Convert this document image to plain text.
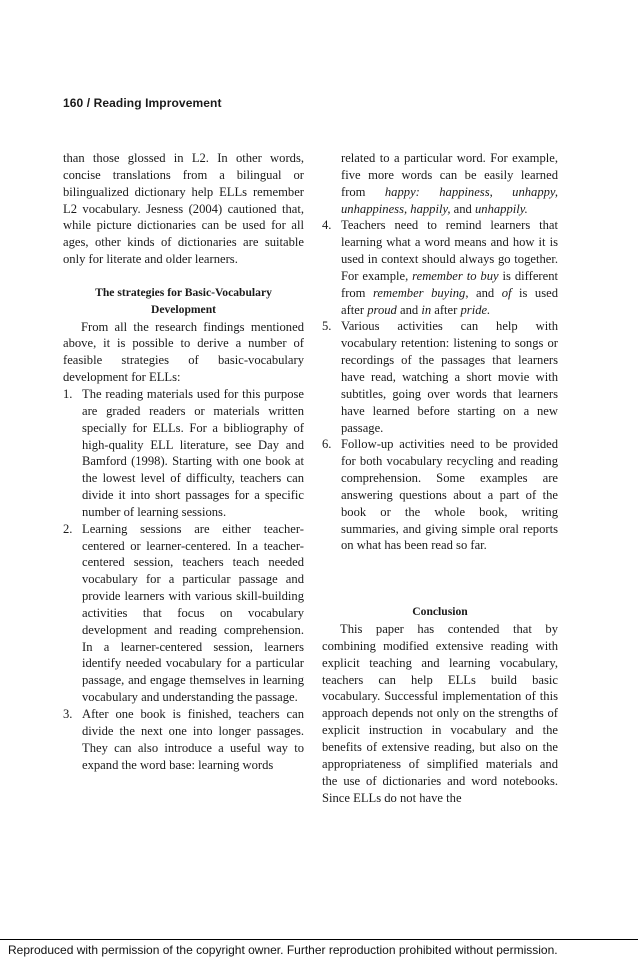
160 / Reading Improvement

than those glossed in L2. In other words, concise translations from a bilingual or bilingualized dictionary help ELLs remember L2 vocabulary. Jesness (2004) cautioned that, while picture dictionaries can be used for all ages, other kinds of dictionaries are suitable only for literate and older learners.

The strategies for Basic-Vocabulary
Development

From all the research findings mentioned above, it is possible to derive a number of feasible strategies of basic-vocabulary development for ELLs:

1. The reading materials used for this purpose are graded readers or materials written specially for ELLs. For a bibliography of high-quality ELL literature, see Day and Bamford (1998). Starting with one book at the lowest level of difficulty, teachers can divide it into short passages for a specific number of learning sessions.
2. Learning sessions are either teacher-centered or learner-centered. In a teacher-centered session, teachers teach needed vocabulary for a particular passage and provide learners with various skill-building activities that focus on vocabulary development and reading comprehension. In a learner-centered session, learners identify needed vocabulary for a particular passage, and engage themselves in learning vocabulary and understanding the passage.
3. After one book is finished, teachers can divide the next one into longer passages. They can also introduce a useful way to expand the word base: learning words
related to a particular word. For example, five more words can be easily learned from happy: happiness, unhappy, unhappiness, happily, and unhappily.
4. Teachers need to remind learners that learning what a word means and how it is used in context should always go together. For example, remember to buy is different from remember buying, and of is used after proud and in after pride.
5. Various activities can help with vocabulary retention: listening to songs or recordings of the passages that learners have read, watching a short movie with subtitles, going over words that learners have learned before starting on a new passage.
6. Follow-up activities need to be provided for both vocabulary recycling and reading comprehension. Some examples are answering questions about a part of the book or the whole book, writing summaries, and giving simple oral reports on what has been read so far.
Conclusion

This paper has contended that by combining modified extensive reading with explicit teaching and learning vocabulary, teachers can help ELLs build basic vocabulary. Successful implementation of this approach depends not only on the strengths of explicit instruction in vocabulary and the benefits of extensive reading, but also on the appropriateness of simplified materials and the use of dictionaries and word notebooks. Since ELLs do not have the

Reproduced with permission of the copyright owner. Further reproduction prohibited without permission.
